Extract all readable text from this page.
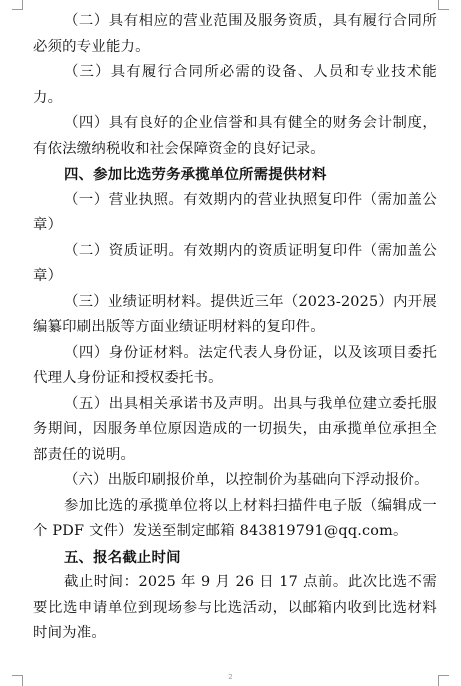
（二）具有相应的营业范围及服务资质，具有履行合同所必须的专业能力。

（三）具有履行合同所必需的设备、人员和专业技术能力。

（四）具有良好的企业信誉和具有健全的财务会计制度，有依法缴纳税收和社会保障资金的良好记录。

四、参加比选劳务承揽单位所需提供材料

（一）营业执照。有效期内的营业执照复印件（需加盖公章）

（二）资质证明。有效期内的资质证明复印件（需加盖公章）

（三）业绩证明材料。提供近三年（2023-2025）内开展编纂印刷出版等方面业绩证明材料的复印件。

（四）身份证材料。法定代表人身份证，以及该项目委托代理人身份证和授权委托书。

（五）出具相关承诺书及声明。出具与我单位建立委托服务期间，因服务单位原因造成的一切损失，由承揽单位承担全部责任的说明。

（六）出版印刷报价单，以控制价为基础向下浮动报价。

参加比选的承揽单位将以上材料扫描件电子版（编辑成一个 PDF 文件）发送至制定邮箱 843819791@qq.com。

五、报名截止时间

截止时间：2025 年 9 月 26 日 17 点前。此次比选不需要比选申请单位到现场参与比选活动，以邮箱内收到比选材料时间为准。

2
